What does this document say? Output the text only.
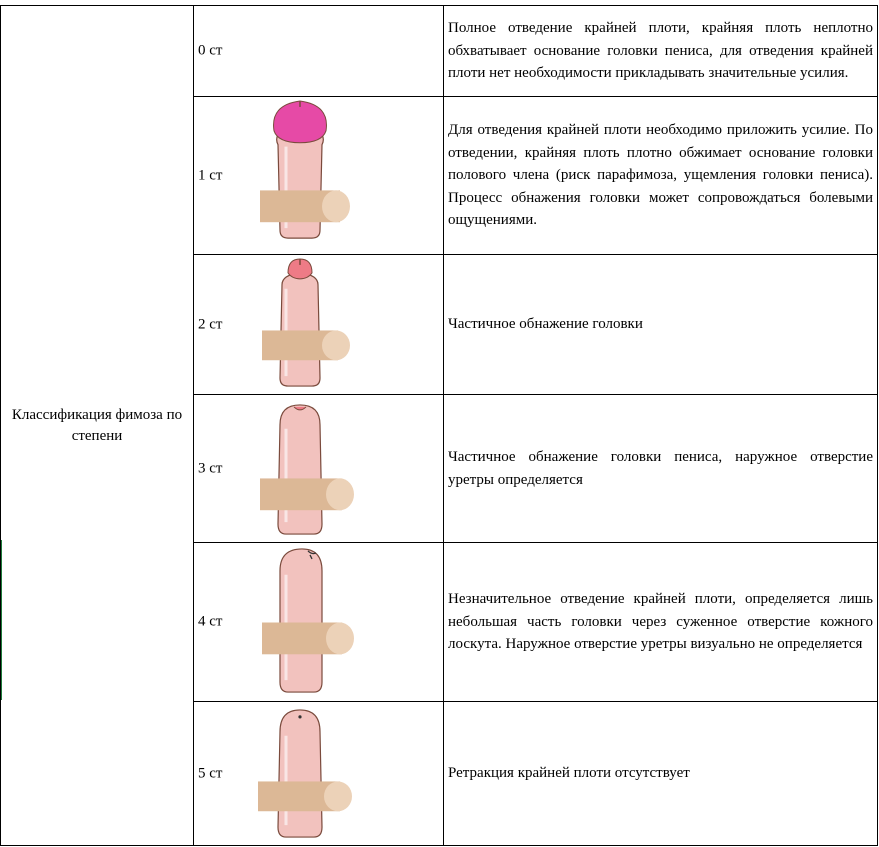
Классификация фимоза по степени	0 ст	Полное отведение крайней плоти, крайняя плоть неплотно обхватывает основание головки пениса, для отведения крайней плоти нет необходимости прикладывать значительные усилия.

	1 ст	Для отведения крайней плоти необходимо приложить усилие. По отведении, крайняя плоть плотно обжимает основание головки полового члена (риск парафимоза, ущемления головки пениса). Процесс обнажения головки может сопровождаться болевыми ощущениями.

	2 ст	Частичное обнажение головки

	3 ст	Частичное обнажение головки пениса, наружное отверстие уретры определяется

	4 ст	Незначительное отведение крайней плоти, определяется лишь небольшая часть головки через суженное отверстие кожного лоскута. Наружное отверстие уретры визуально не определяется

	5 ст	Ретракция крайней плоти отсутствует
